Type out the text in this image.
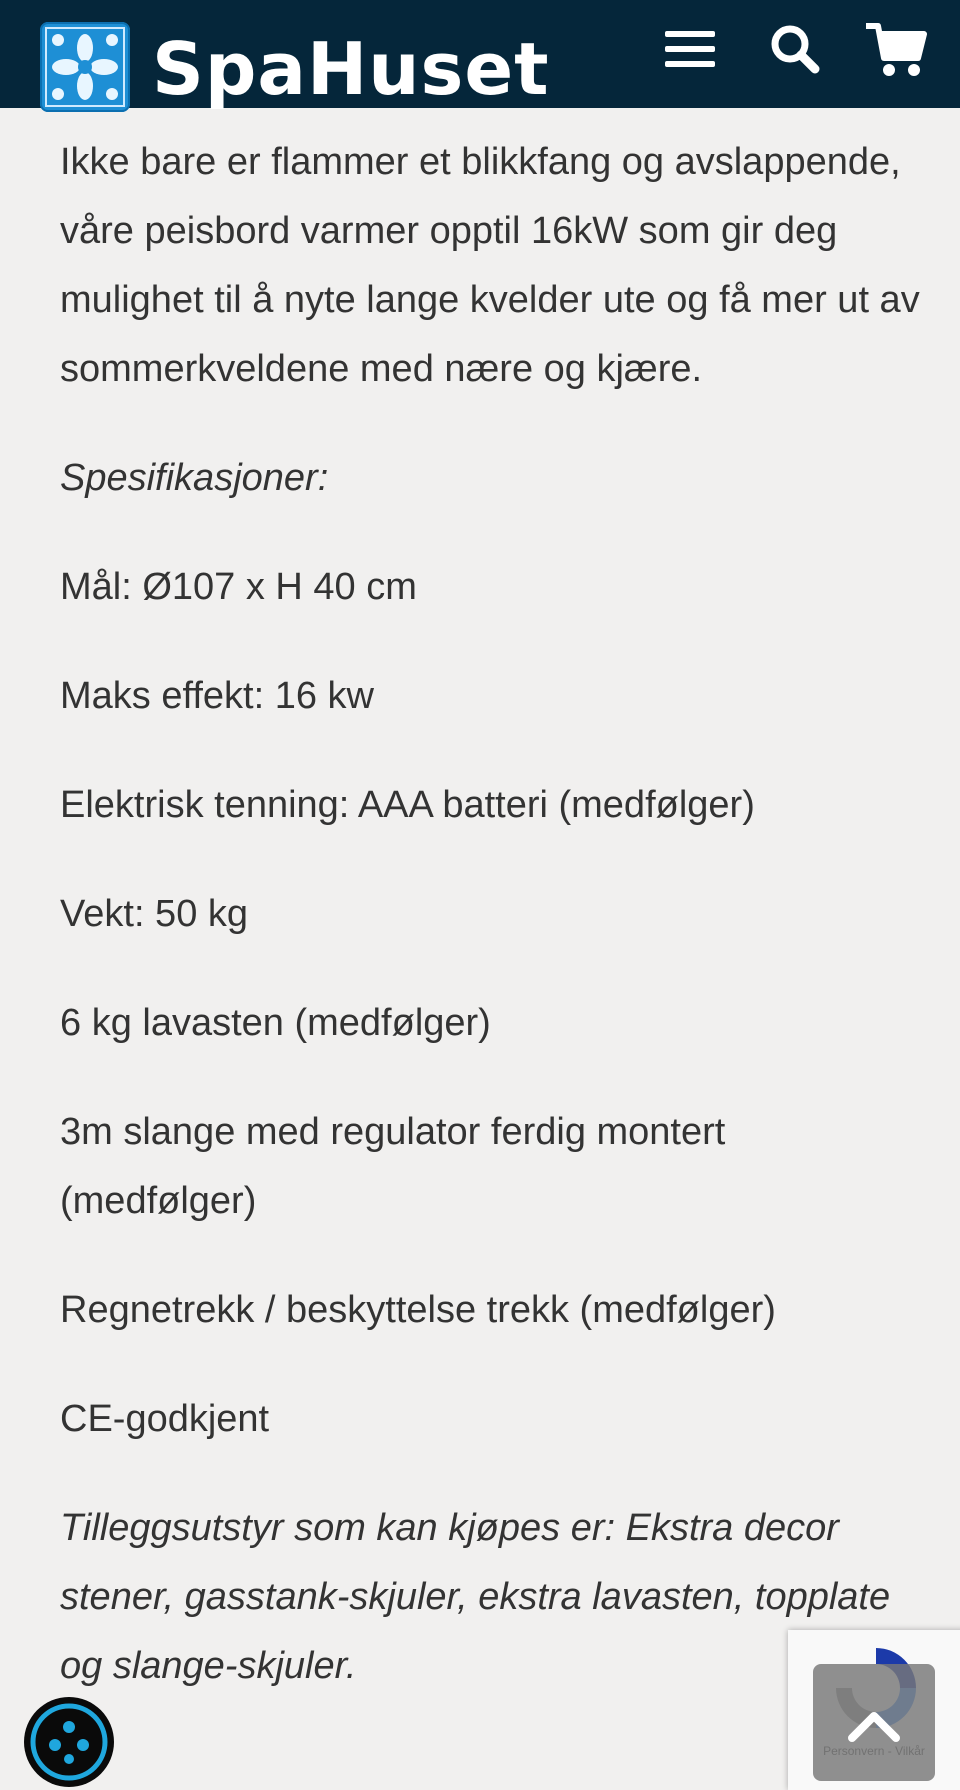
SpaHuset

Ikke bare er flammer et blikkfang og avslappende, våre peisbord varmer opptil 16kW som gir deg mulighet til å nyte lange kvelder ute og få mer ut av sommerkveldene med nære og kjære.

Spesifikasjoner:

Mål: Ø107 x H 40 cm

Maks effekt: 16 kw

Elektrisk tenning: AAA batteri (medfølger)

Vekt: 50 kg

6 kg lavasten (medfølger)

3m slange med regulator ferdig montert (medfølger)

Regnetrekk / beskyttelse trekk (medfølger)

CE-godkjent

Tilleggsutstyr som kan kjøpes er: Ekstra decor stener, gasstank-skjuler, ekstra lavasten, topplate og slange-skjuler.
